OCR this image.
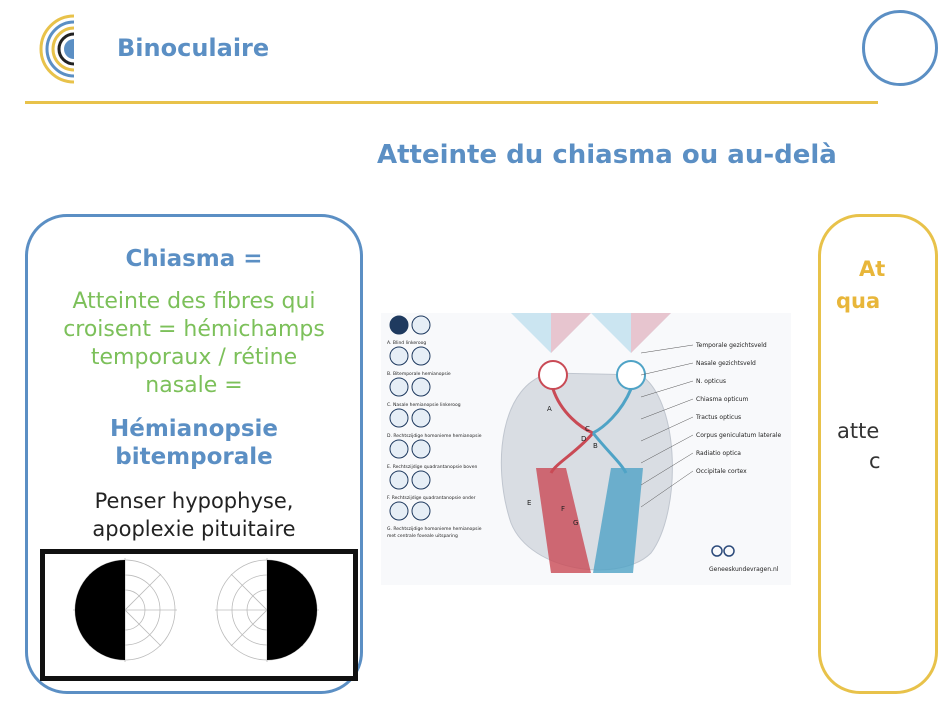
Binoculaire
Atteinte du chiasma ou au-delà
Chiasma =
Atteinte des fibres qui
croisent = hémichamps
temporaux / rétine
nasale =
Hémianopsie
bitemporale
Penser hypophyse,
apoplexie pituitaire
A. Blind linkeroog
B. Bitemporale hemianopsie
C. Nasale hemianopsie linkeroog
D. Rechtszijdige homonieme hemianopsie
E. Rechtszijdige quadrantanopsie boven
F. Rechtszijdige quadrantanopsie onder
G. Rechtszijdige homonieme hemianopsie
met centrale foveale uitsparing
A
B
C
D
E
F
G
Temporale gezichtsveld
Nasale gezichtsveld
N. opticus
Chiasma opticum
Tractus opticus
Corpus geniculatum laterale
Radiatio optica
Occipitale cortex
Geneeskundevragen.nl
At
qua
atte
c
